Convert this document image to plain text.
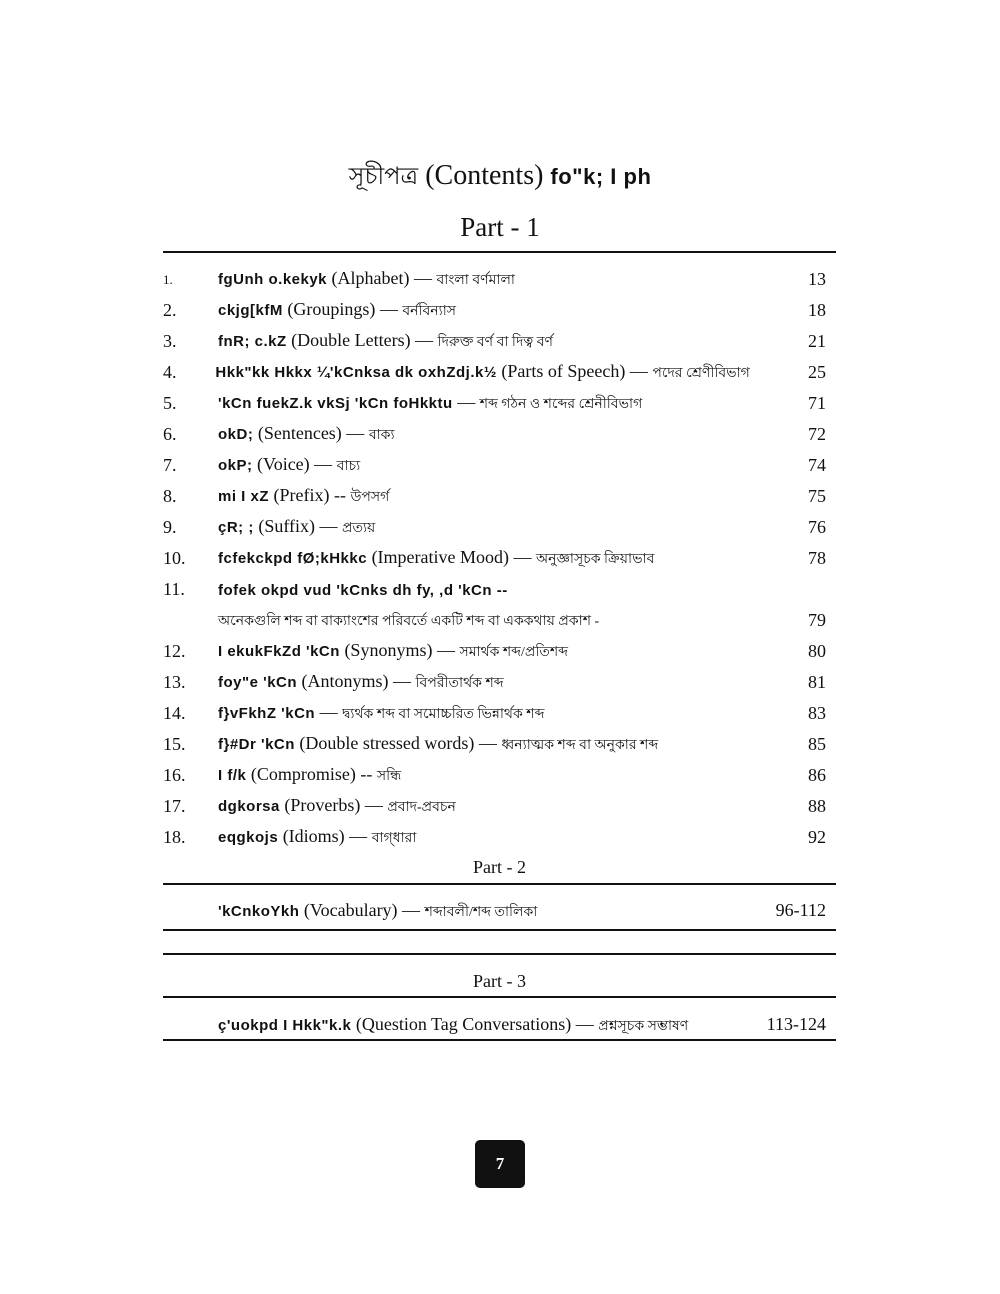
সূচীপত্র (Contents) fo"k; I ph
Part - 1
1.	fgUnh o.kekyk (Alphabet) — বাংলা বর্ণমালা	13
2.	ckjg[kfM (Groupings) — বর্নবিন্যাস	18
3.	fnR; c.kZ (Double Letters) — দিরুক্ত বর্ণ বা দিত্ব বর্ণ	21
4.	Hkk"kk Hkkx ¼'kCnksa dk oxhZdj.k½ (Parts of Speech) — পদের শ্রেণীবিভাগ	25
5.	'kCn fuekZ.k vkSj 'kCn foHkktu — শব্দ গঠন ও শব্দের শ্রেনীবিভাগ	71
6.	okD; (Sentences) — বাক্য	72
7.	okP; (Voice) — বাচ্য	74
8.	mi I xZ (Prefix) -- উপসর্গ	75
9.	çR; ; (Suffix) — প্রত্যয়	76
10.	fcfekckpd fØ;kHkkc (Imperative Mood) — অনুজ্ঞাসূচক ক্রিয়াভাব	78
11.	fofek okpd vud 'kCnks dh fy, ,d 'kCn --
অনেকগুলি শব্দ বা বাক্যাংশের পরিবর্তে একটি শব্দ বা এককথায় প্রকাশ -	79
12.	I ekukFkZd 'kCn (Synonyms) — সমার্থক শব্দ/প্রতিশব্দ	80
13.	foy"e 'kCn (Antonyms) — বিপরীতার্থক শব্দ	81
14.	f}vFkhZ 'kCn — দ্ব্যর্থক শব্দ বা সমোচ্চরিত ভিন্নার্থক শব্দ	83
15.	f}#Dr 'kCn (Double stressed words) — ধ্বন্যাত্মক শব্দ বা অনুকার শব্দ	85
16.	I f/k (Compromise) -- সন্ধি	86
17.	dgkorsa (Proverbs) — প্রবাদ-প্রবচন	88
18.	eqgkojs (Idioms) — বাগ্‌ধারা	92
Part - 2
'kCnkoYkh (Vocabulary) — শব্দাবলী/শব্দ তালিকা	96-112
Part - 3
ç'uokpd I Hkk"k.k (Question Tag Conversations) — প্রশ্নসূচক সম্ভাষণ	113-124
7
